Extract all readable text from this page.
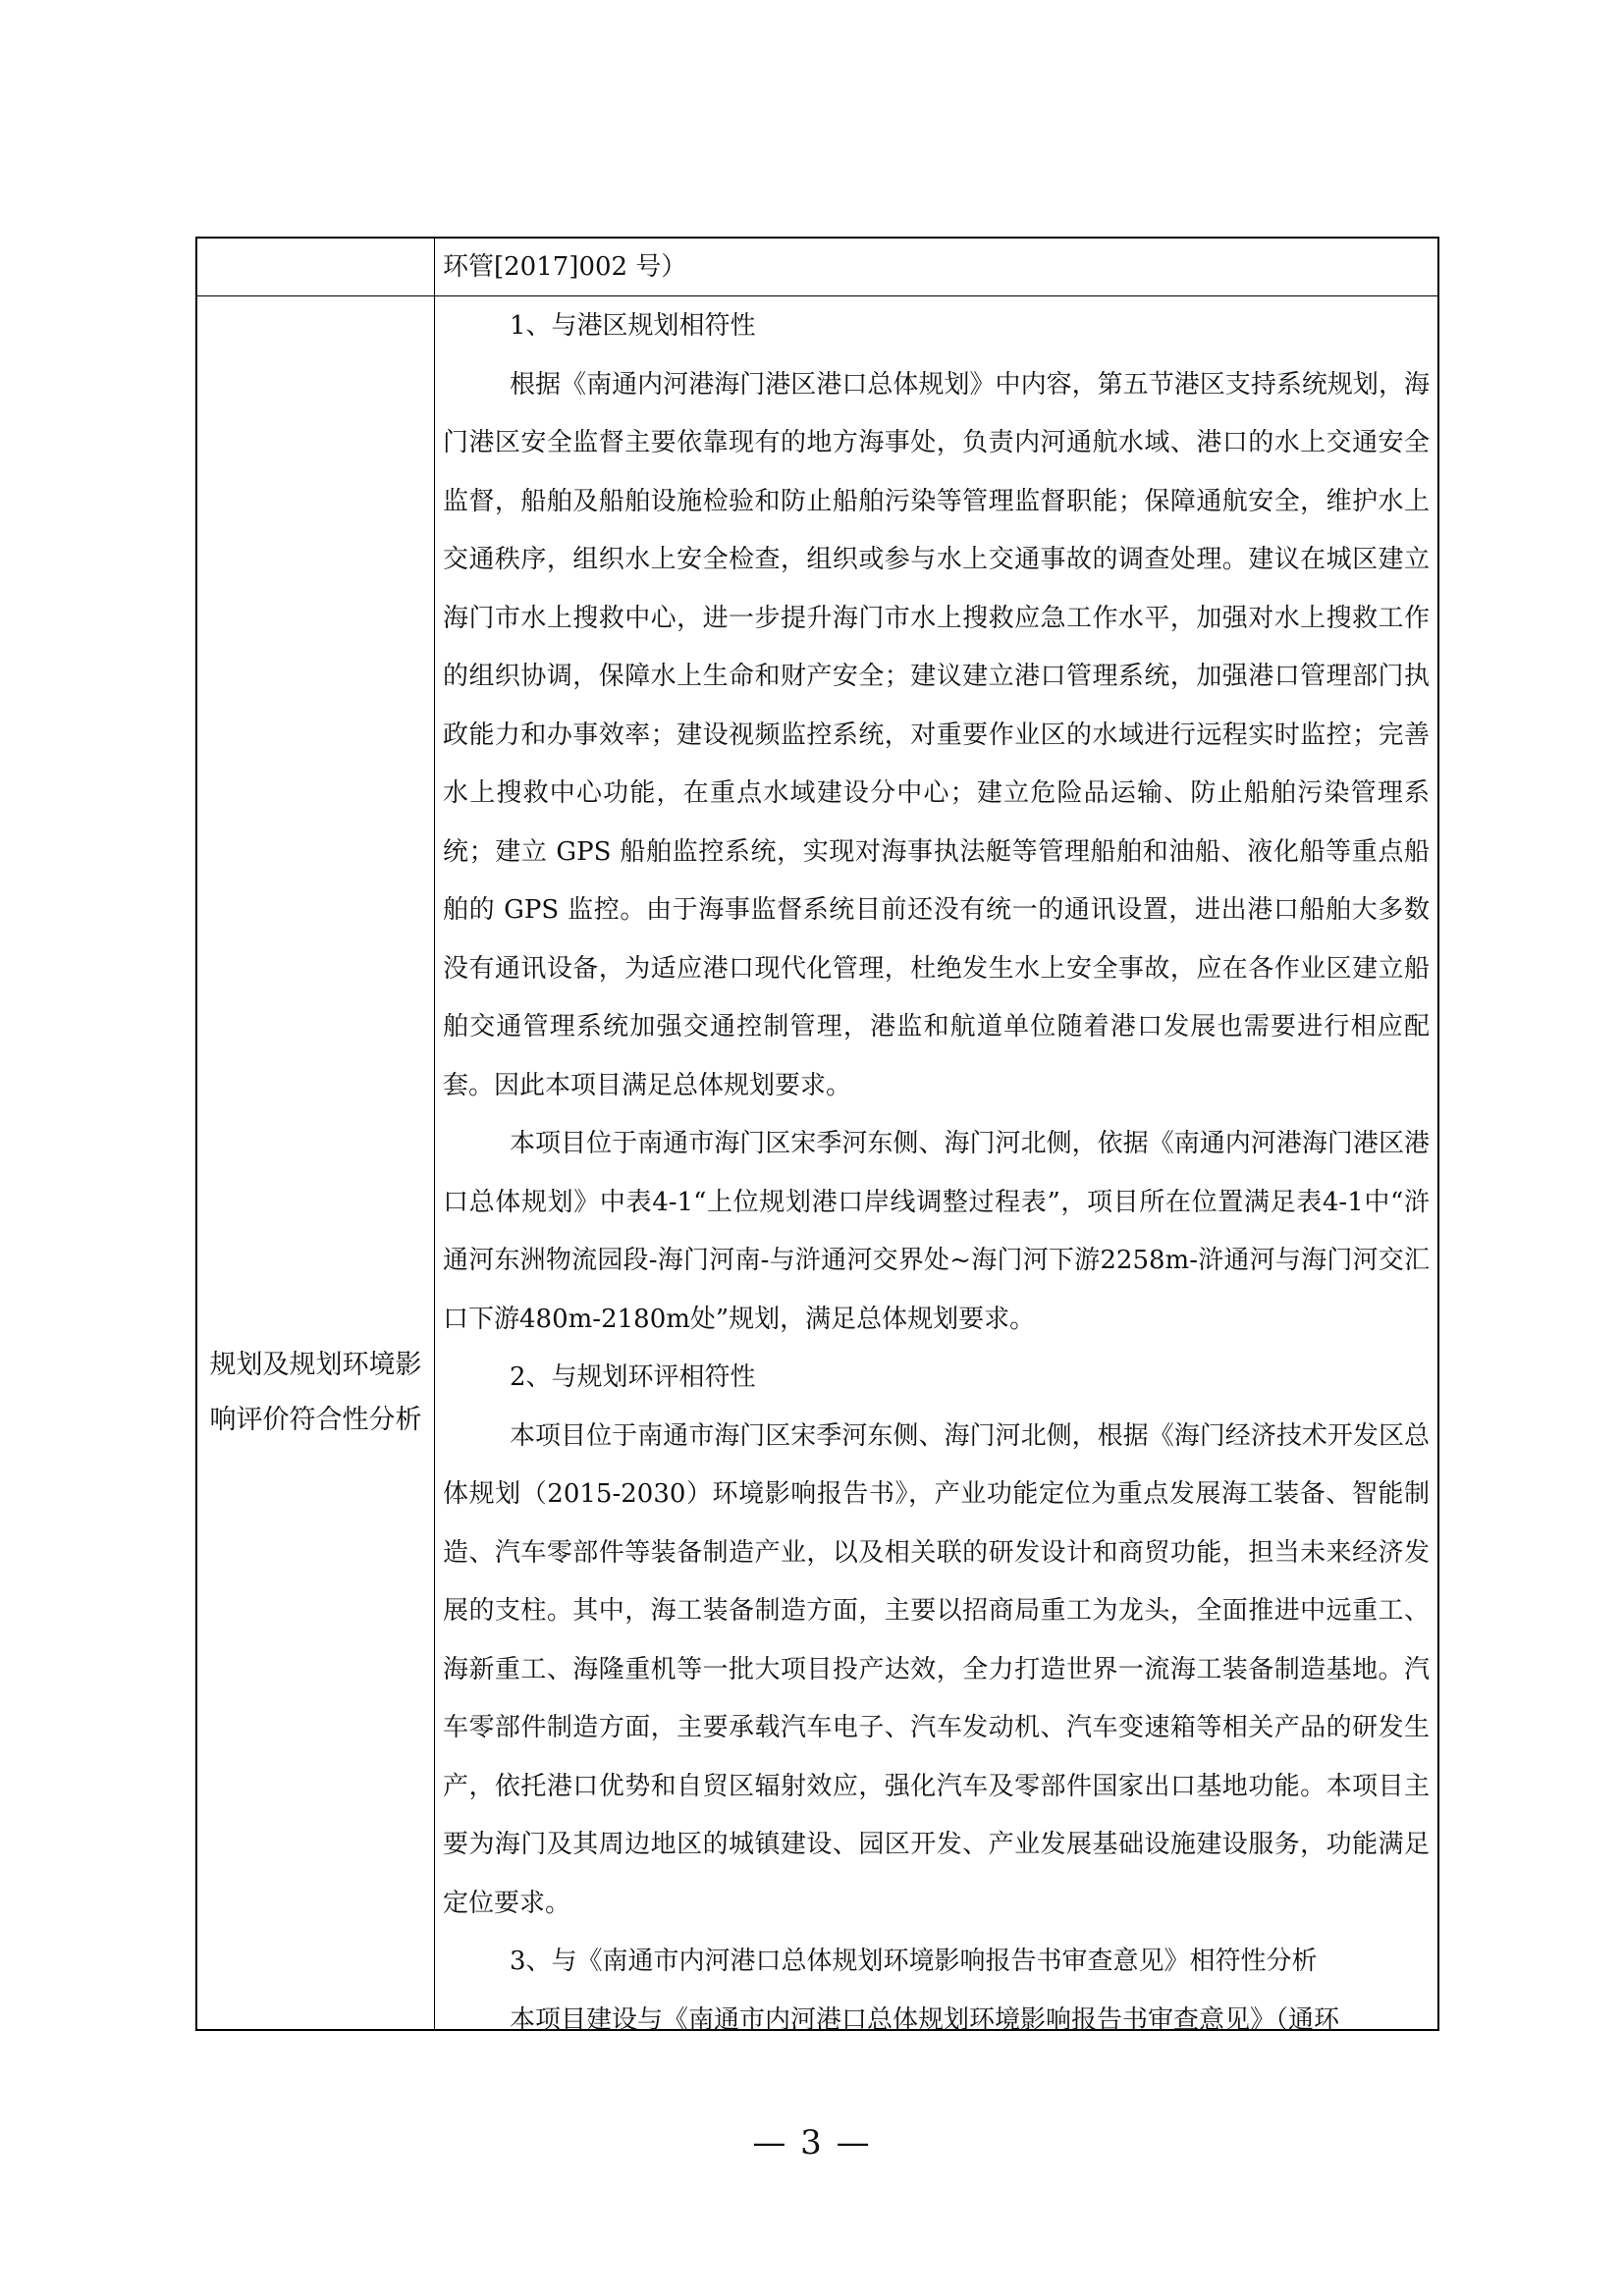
环管[2017]002 号）

规划及规划环境影响评价符合性分析

1、与港区规划相符性

根据《南通内河港海门港区港口总体规划》中内容，第五节港区支持系统规划，海门港区安全监督主要依靠现有的地方海事处，负责内河通航水域、港口的水上交通安全监督，船舶及船舶设施检验和防止船舶污染等管理监督职能；保障通航安全，维护水上交通秩序，组织水上安全检查，组织或参与水上交通事故的调查处理。建议在城区建立海门市水上搜救中心，进一步提升海门市水上搜救应急工作水平，加强对水上搜救工作的组织协调，保障水上生命和财产安全；建议建立港口管理系统，加强港口管理部门执政能力和办事效率；建设视频监控系统，对重要作业区的水域进行远程实时监控；完善水上搜救中心功能，在重点水域建设分中心；建立危险品运输、防止船舶污染管理系统；建立 GPS 船舶监控系统，实现对海事执法艇等管理船舶和油船、液化船等重点船舶的 GPS 监控。由于海事监督系统目前还没有统一的通讯设置，进出港口船舶大多数没有通讯设备，为适应港口现代化管理，杜绝发生水上安全事故，应在各作业区建立船舶交通管理系统加强交通控制管理，港监和航道单位随着港口发展也需要进行相应配套。因此本项目满足总体规划要求。

本项目位于南通市海门区宋季河东侧、海门河北侧，依据《南通内河港海门港区港口总体规划》中表4-1“上位规划港口岸线调整过程表”，项目所在位置满足表4-1中“浒通河东洲物流园段-海门河南-与浒通河交界处~海门河下游2258m-浒通河与海门河交汇口下游480m-2180m处”规划，满足总体规划要求。

2、与规划环评相符性

本项目位于南通市海门区宋季河东侧、海门河北侧，根据《海门经济技术开发区总体规划（2015-2030）环境影响报告书》，产业功能定位为重点发展海工装备、智能制造、汽车零部件等装备制造产业，以及相关联的研发设计和商贸功能，担当未来经济发展的支柱。其中，海工装备制造方面，主要以招商局重工为龙头，全面推进中远重工、海新重工、海隆重机等一批大项目投产达效，全力打造世界一流海工装备制造基地。汽车零部件制造方面，主要承载汽车电子、汽车发动机、汽车变速箱等相关产品的研发生产，依托港口优势和自贸区辐射效应，强化汽车及零部件国家出口基地功能。本项目主要为海门及其周边地区的城镇建设、园区开发、产业发展基础设施建设服务，功能满足定位要求。

3、与《南通市内河港口总体规划环境影响报告书审查意见》相符性分析

本项目建设与《南通市内河港口总体规划环境影响报告书审查意见》（通环

— 3 —
